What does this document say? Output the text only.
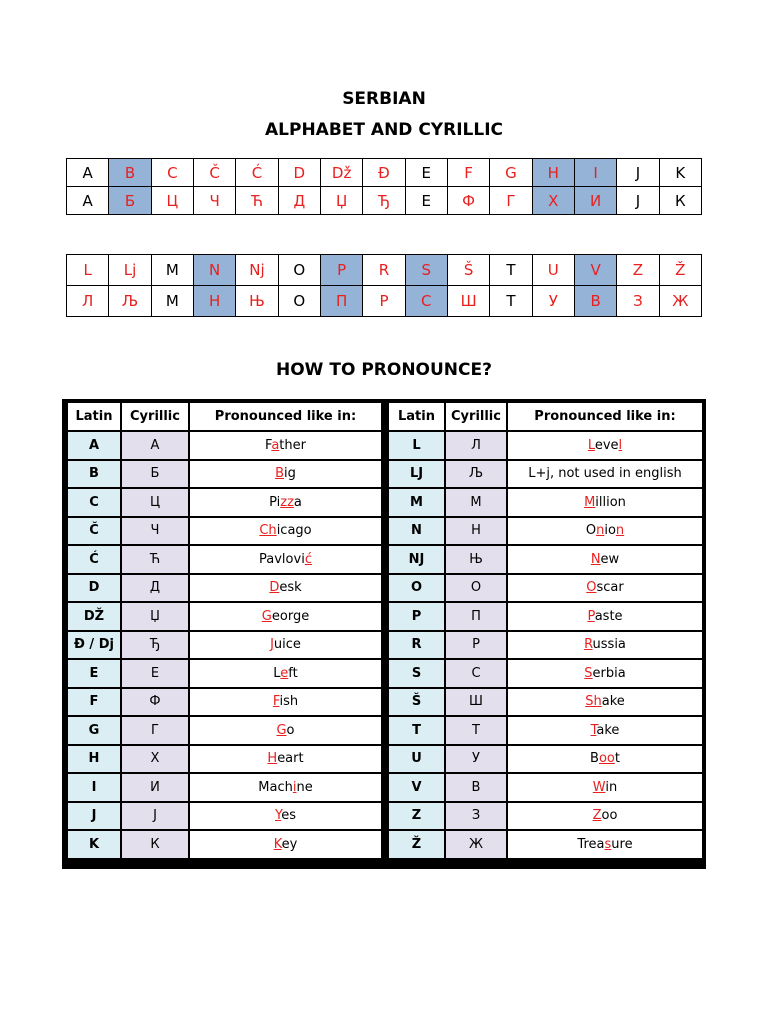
SERBIAN
ALPHABET AND CYRILLIC
A	B	C	Č	Ć	D	Dž	Đ	E	F	G	H	I	J	K
А	Б	Ц	Ч	Ћ	Д	Џ	Ђ	Е	Ф	Г	Х	И	Ј	К
L	Lj	M	N	Nj	O	P	R	S	Š	T	U	V	Z	Ž
Л	Љ	М	Н	Њ	О	П	Р	С	Ш	Т	У	В	З	Ж
HOW TO PRONOUNCE?
Latin	Cyrillic	Pronounced like in:
A	А	Father
B	Б	Big
C	Ц	Pizza
Č	Ч	Chicago
Ć	Ћ	Pavlović
D	Д	Desk
DŽ	Џ	George
Đ / Dj	Ђ	Juice
E	Е	Left
F	Ф	Fish
G	Г	Go
H	Х	Heart
I	И	Machine
J	Ј	Yes
K	К	Key
Latin	Cyrillic	Pronounced like in:
L	Л	Level
LJ	Љ	L+j, not used in english
M	М	Million
N	Н	Onion
NJ	Њ	New
O	О	Oscar
P	П	Paste
R	Р	Russia
S	С	Serbia
Š	Ш	Shake
T	Т	Take
U	У	Boot
V	В	Win
Z	З	Zoo
Ž	Ж	Treasure
